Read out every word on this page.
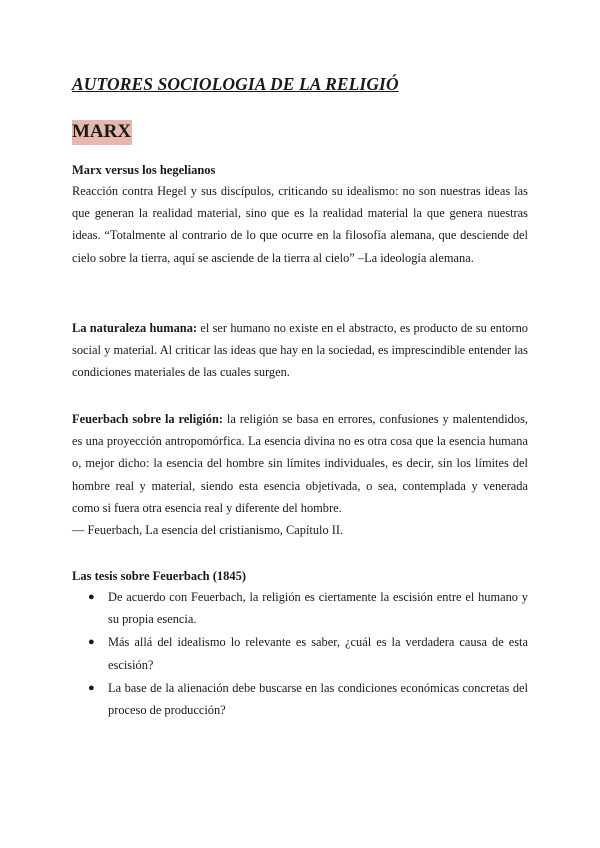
AUTORES SOCIOLOGIA DE LA RELIGIÓ
MARX
Marx versus los hegelianos
Reacción contra Hegel y sus discípulos, criticando su idealismo: no son nuestras ideas las que generan la realidad material, sino que es la realidad material la que genera nuestras ideas. “Totalmente al contrario de lo que ocurre en la filosofía alemana, que desciende del cielo sobre la tierra, aquí se asciende de la tierra al cielo” –La ideología alemana.
La naturaleza humana: el ser humano no existe en el abstracto, es producto de su entorno social y material. Al criticar las ideas que hay en la sociedad, es imprescindible entender las condiciones materiales de las cuales surgen.
Feuerbach sobre la religión: la religión se basa en errores, confusiones y malentendidos, es una proyección antropomórfica. La esencia divina no es otra cosa que la esencia humana o, mejor dicho: la esencia del hombre sin límites individuales, es decir, sin los límites del hombre real y material, siendo esta esencia objetivada, o sea, contemplada y venerada como si fuera otra esencia real y diferente del hombre.
— Feuerbach, La esencia del cristianismo, Capítulo II.
Las tesis sobre Feuerbach (1845)
● De acuerdo con Feuerbach, la religión es ciertamente la escisión entre el humano y su propia esencia.
● Más allá del idealismo lo relevante es saber, ¿cuál es la verdadera causa de esta escisión?
● La base de la alienación debe buscarse en las condiciones económicas concretas del proceso de producción?
